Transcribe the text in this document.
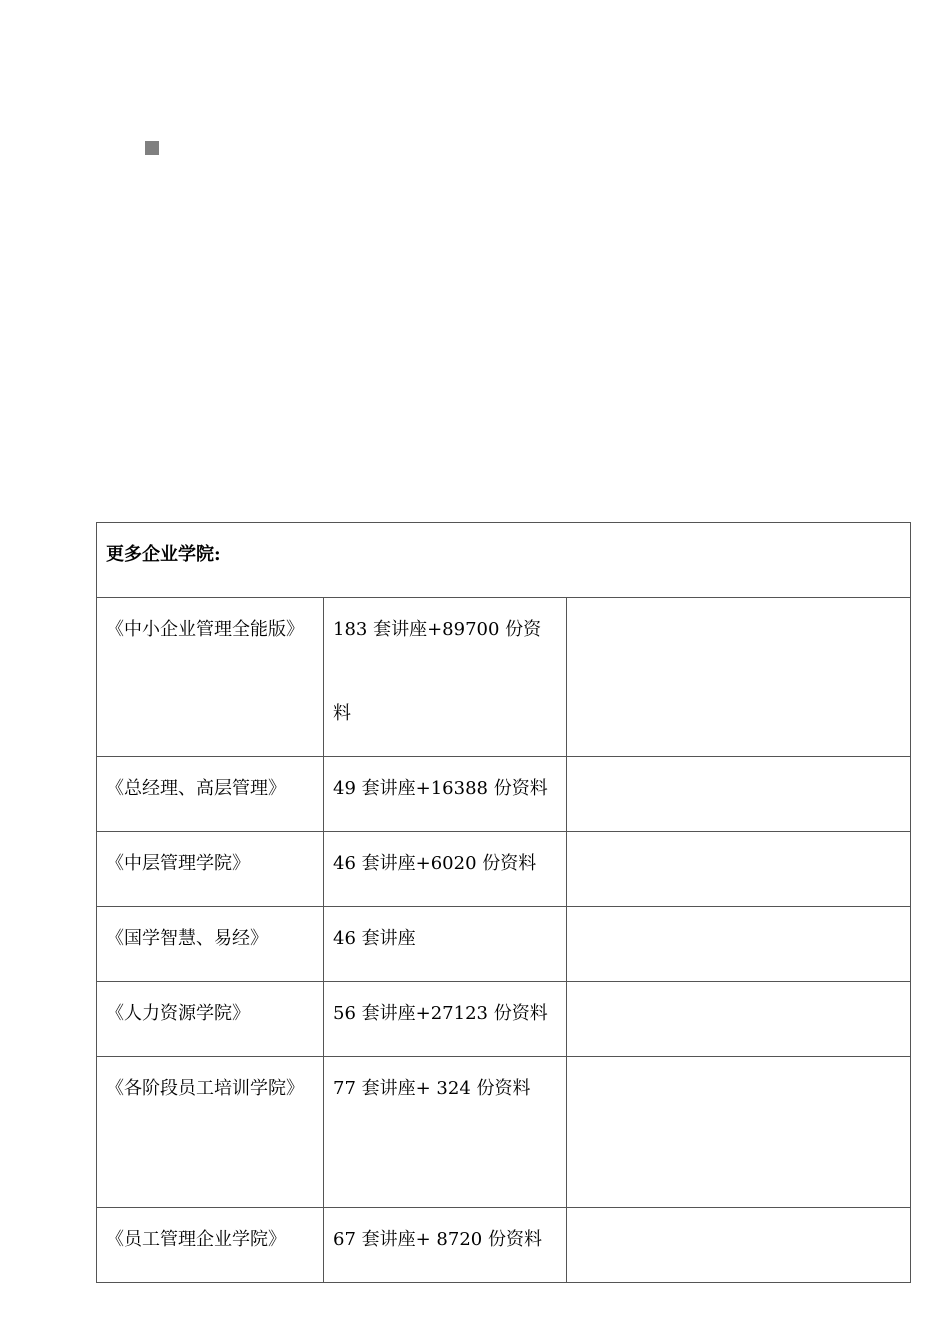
更多企业学院:		

《中小企业管理全能版》	183 套讲座+89700 份资料	

《总经理、高层管理》	49 套讲座+16388 份资料	

《中层管理学院》	46 套讲座+6020 份资料	

《国学智慧、易经》	46 套讲座	

《人力资源学院》	56 套讲座+27123 份资料	

《各阶段员工培训学院》	77 套讲座+ 324 份资料	

《员工管理企业学院》	67 套讲座+ 8720 份资料	
